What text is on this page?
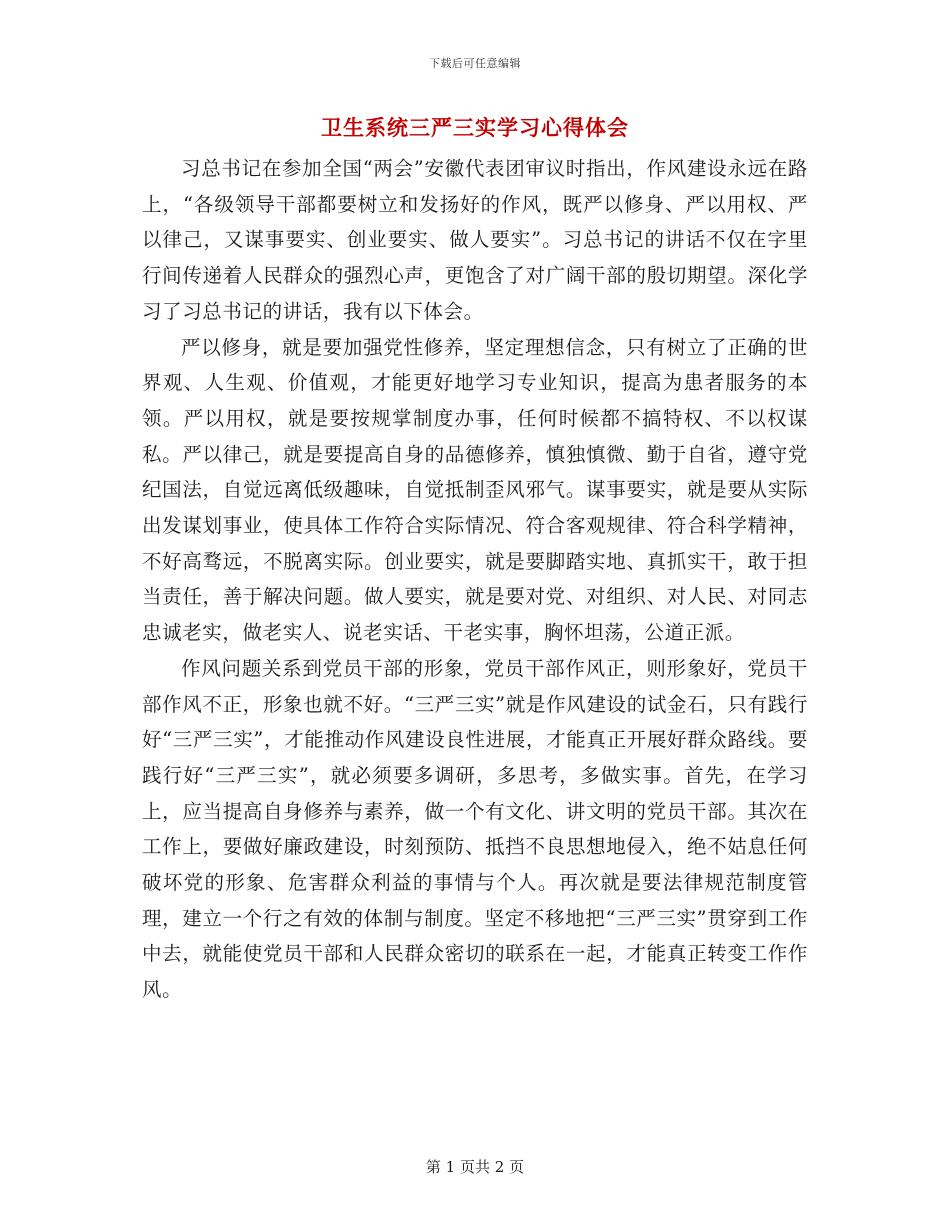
下载后可任意编辑
卫生系统三严三实学习心得体会

习总书记在参加全国“两会”安徽代表团审议时指出，作风建设永远在路上，“各级领导干部都要树立和发扬好的作风，既严以修身、严以用权、严以律己，又谋事要实、创业要实、做人要实”。习总书记的讲话不仅在字里行间传递着人民群众的强烈心声，更饱含了对广阔干部的殷切期望。深化学习了习总书记的讲话，我有以下体会。

严以修身，就是要加强党性修养，坚定理想信念，只有树立了正确的世界观、人生观、价值观，才能更好地学习专业知识，提高为患者服务的本领。严以用权，就是要按规掌制度办事，任何时候都不搞特权、不以权谋私。严以律己，就是要提高自身的品德修养，慎独慎微、勤于自省，遵守党纪国法，自觉远离低级趣味，自觉抵制歪风邪气。谋事要实，就是要从实际出发谋划事业，使具体工作符合实际情况、符合客观规律、符合科学精神，不好高骛远，不脱离实际。创业要实，就是要脚踏实地、真抓实干，敢于担当责任，善于解决问题。做人要实，就是要对党、对组织、对人民、对同志忠诚老实，做老实人、说老实话、干老实事，胸怀坦荡，公道正派。

作风问题关系到党员干部的形象，党员干部作风正，则形象好，党员干部作风不正，形象也就不好。“三严三实”就是作风建设的试金石，只有践行好“三严三实”，才能推动作风建设良性进展，才能真正开展好群众路线。要践行好“三严三实”，就必须要多调研，多思考，多做实事。首先，在学习上，应当提高自身修养与素养，做一个有文化、讲文明的党员干部。其次在工作上，要做好廉政建设，时刻预防、抵挡不良思想地侵入，绝不姑息任何破坏党的形象、危害群众利益的事情与个人。再次就是要法律规范制度管理，建立一个行之有效的体制与制度。坚定不移地把“三严三实”贯穿到工作中去，就能使党员干部和人民群众密切的联系在一起，才能真正转变工作作风。

第 1 页共 2 页
